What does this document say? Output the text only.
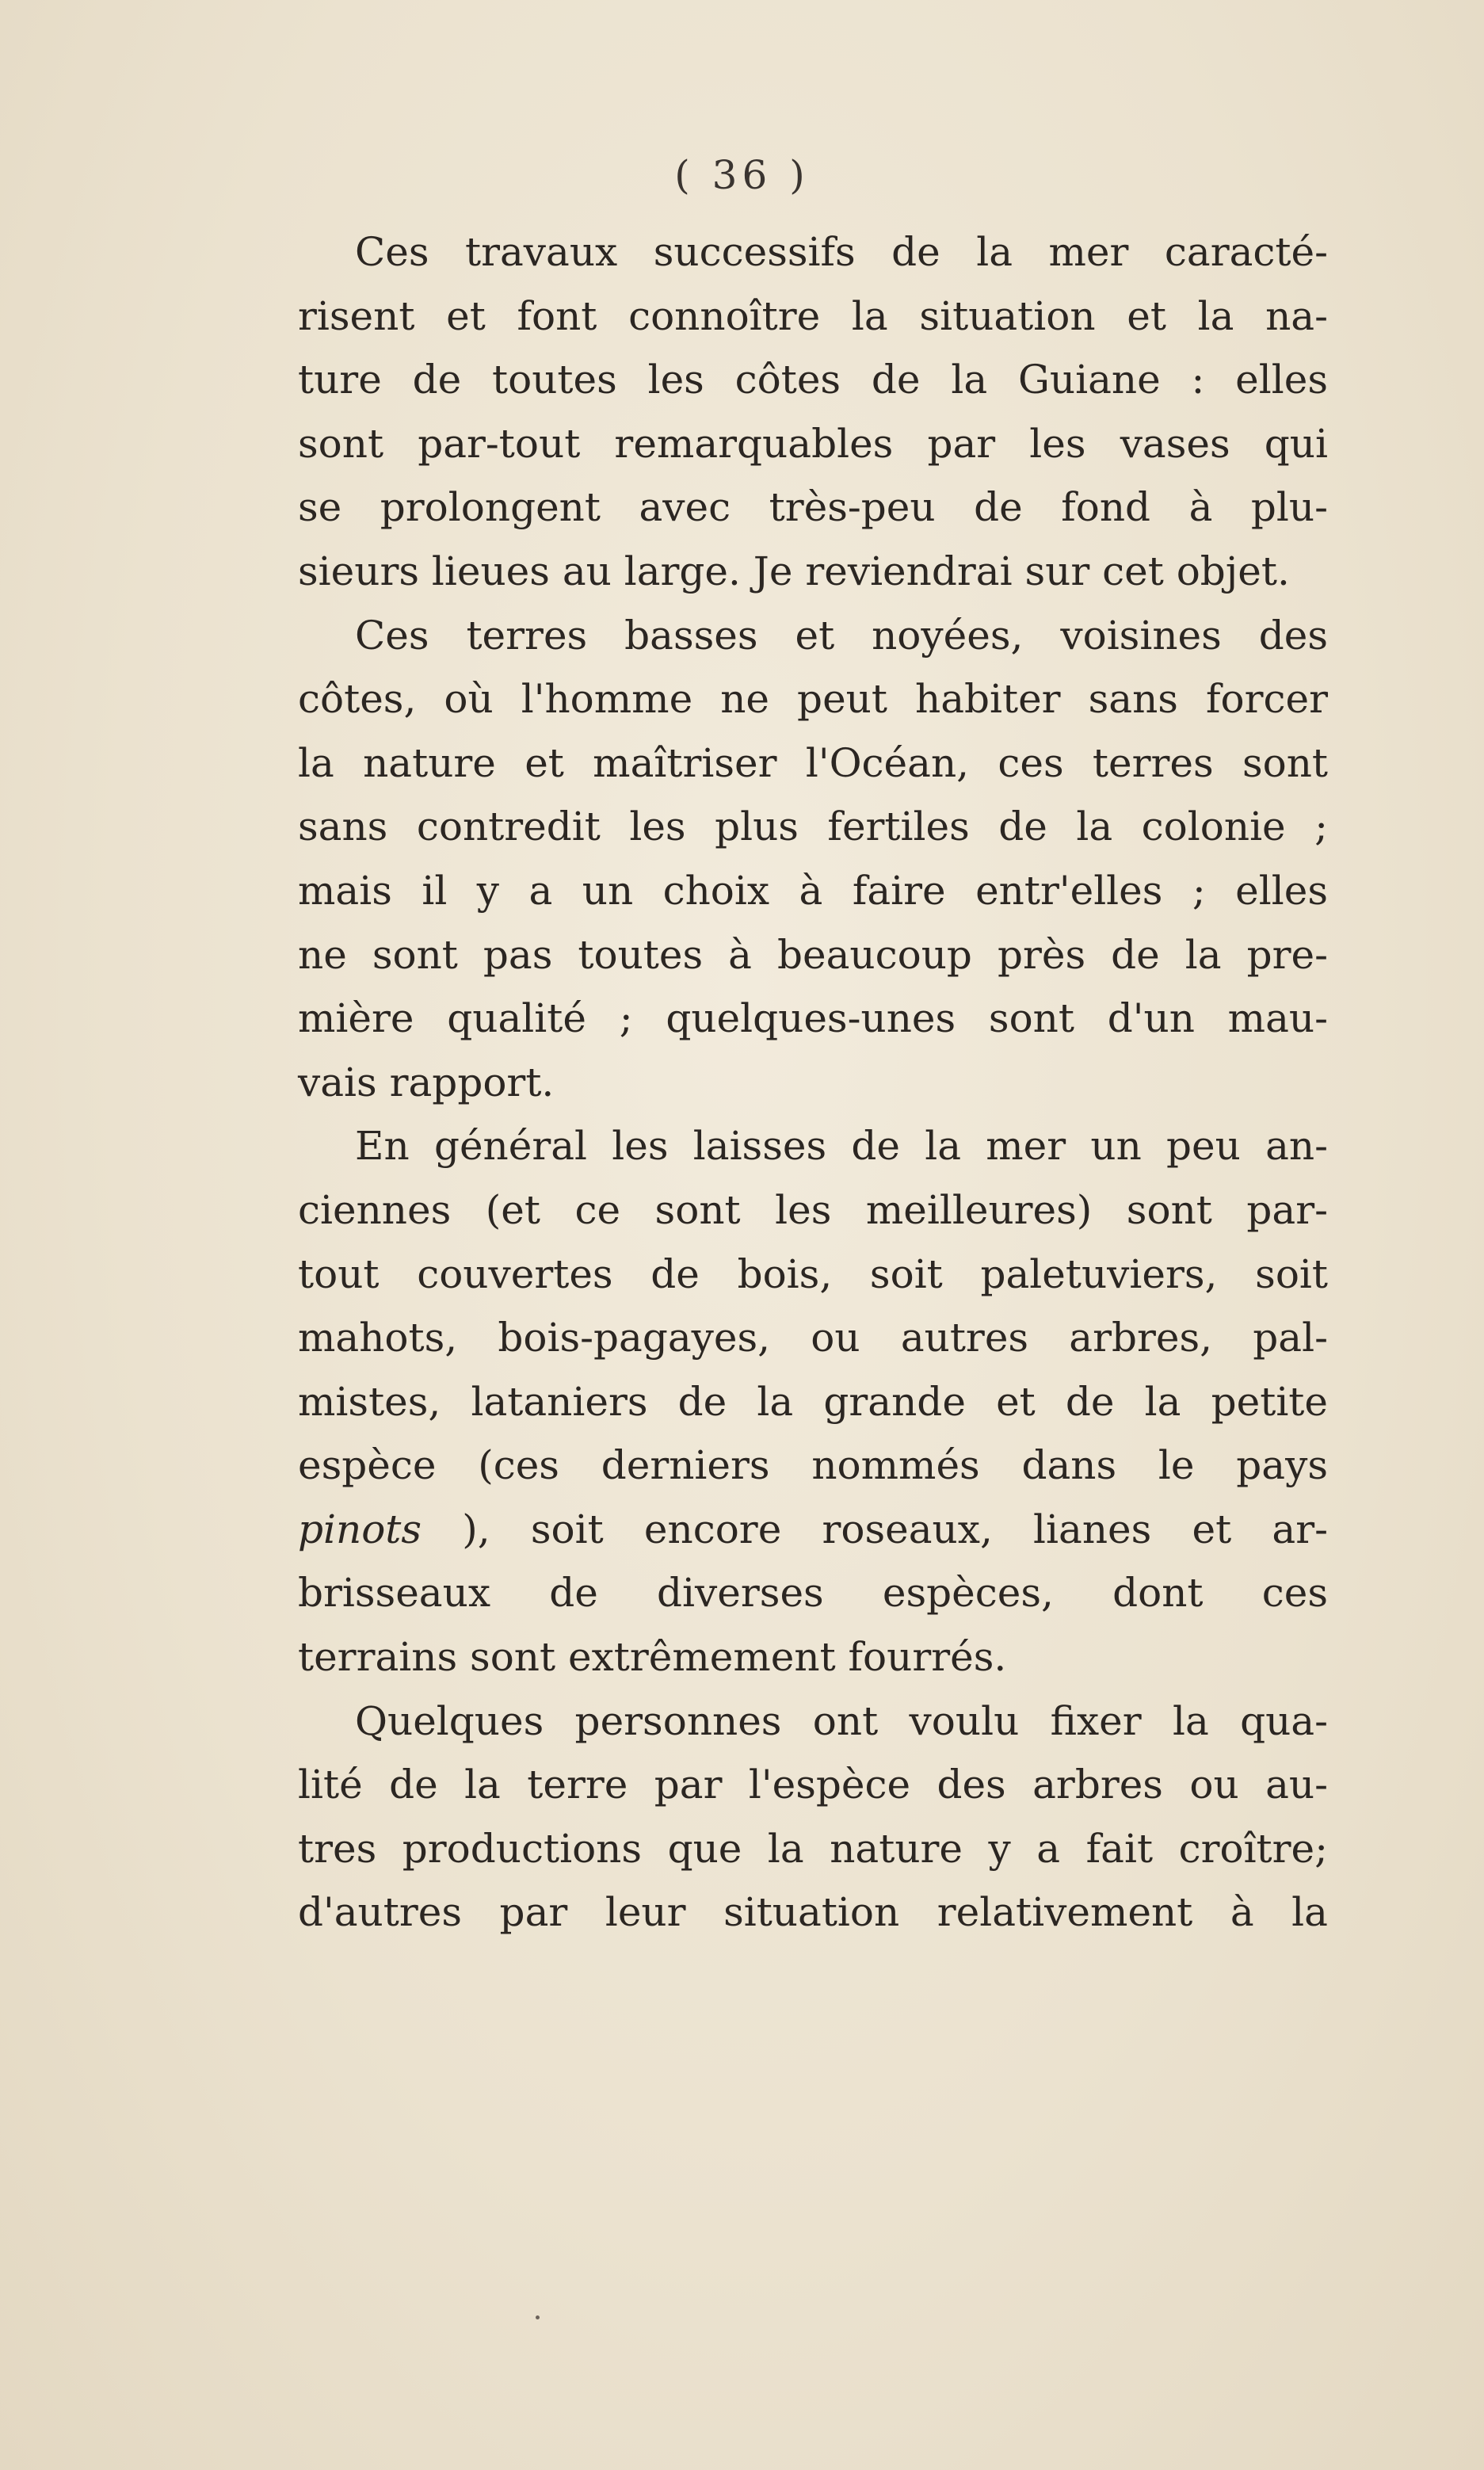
( 36 )
Ces travaux successifs de la mer caracté-
risent et font connoître la situation et la na-
ture de toutes les côtes de la Guiane : elles
sont par-tout remarquables par les vases qui
se prolongent avec très-peu de fond à plu-
sieurs lieues au large. Je reviendrai sur cet objet.
Ces terres basses et noyées, voisines des
côtes, où l'homme ne peut habiter sans forcer
la nature et maîtriser l'Océan, ces terres sont
sans contredit les plus fertiles de la colonie ;
mais il y a un choix à faire entr'elles ; elles
ne sont pas toutes à beaucoup près de la pre-
mière qualité ; quelques-unes sont d'un mau-
vais rapport.
En général les laisses de la mer un peu an-
ciennes (et ce sont les meilleures) sont par-
tout couvertes de bois, soit paletuviers, soit
mahots, bois-pagayes, ou autres arbres, pal-
mistes, lataniers de la grande et de la petite
espèce (ces derniers nommés dans le pays
pinots ), soit encore roseaux, lianes et ar-
brisseaux de diverses espèces, dont ces
terrains sont extrêmement fourrés.
Quelques personnes ont voulu fixer la qua-
lité de la terre par l'espèce des arbres ou au-
tres productions que la nature y a fait croître;
d'autres par leur situation relativement à la
